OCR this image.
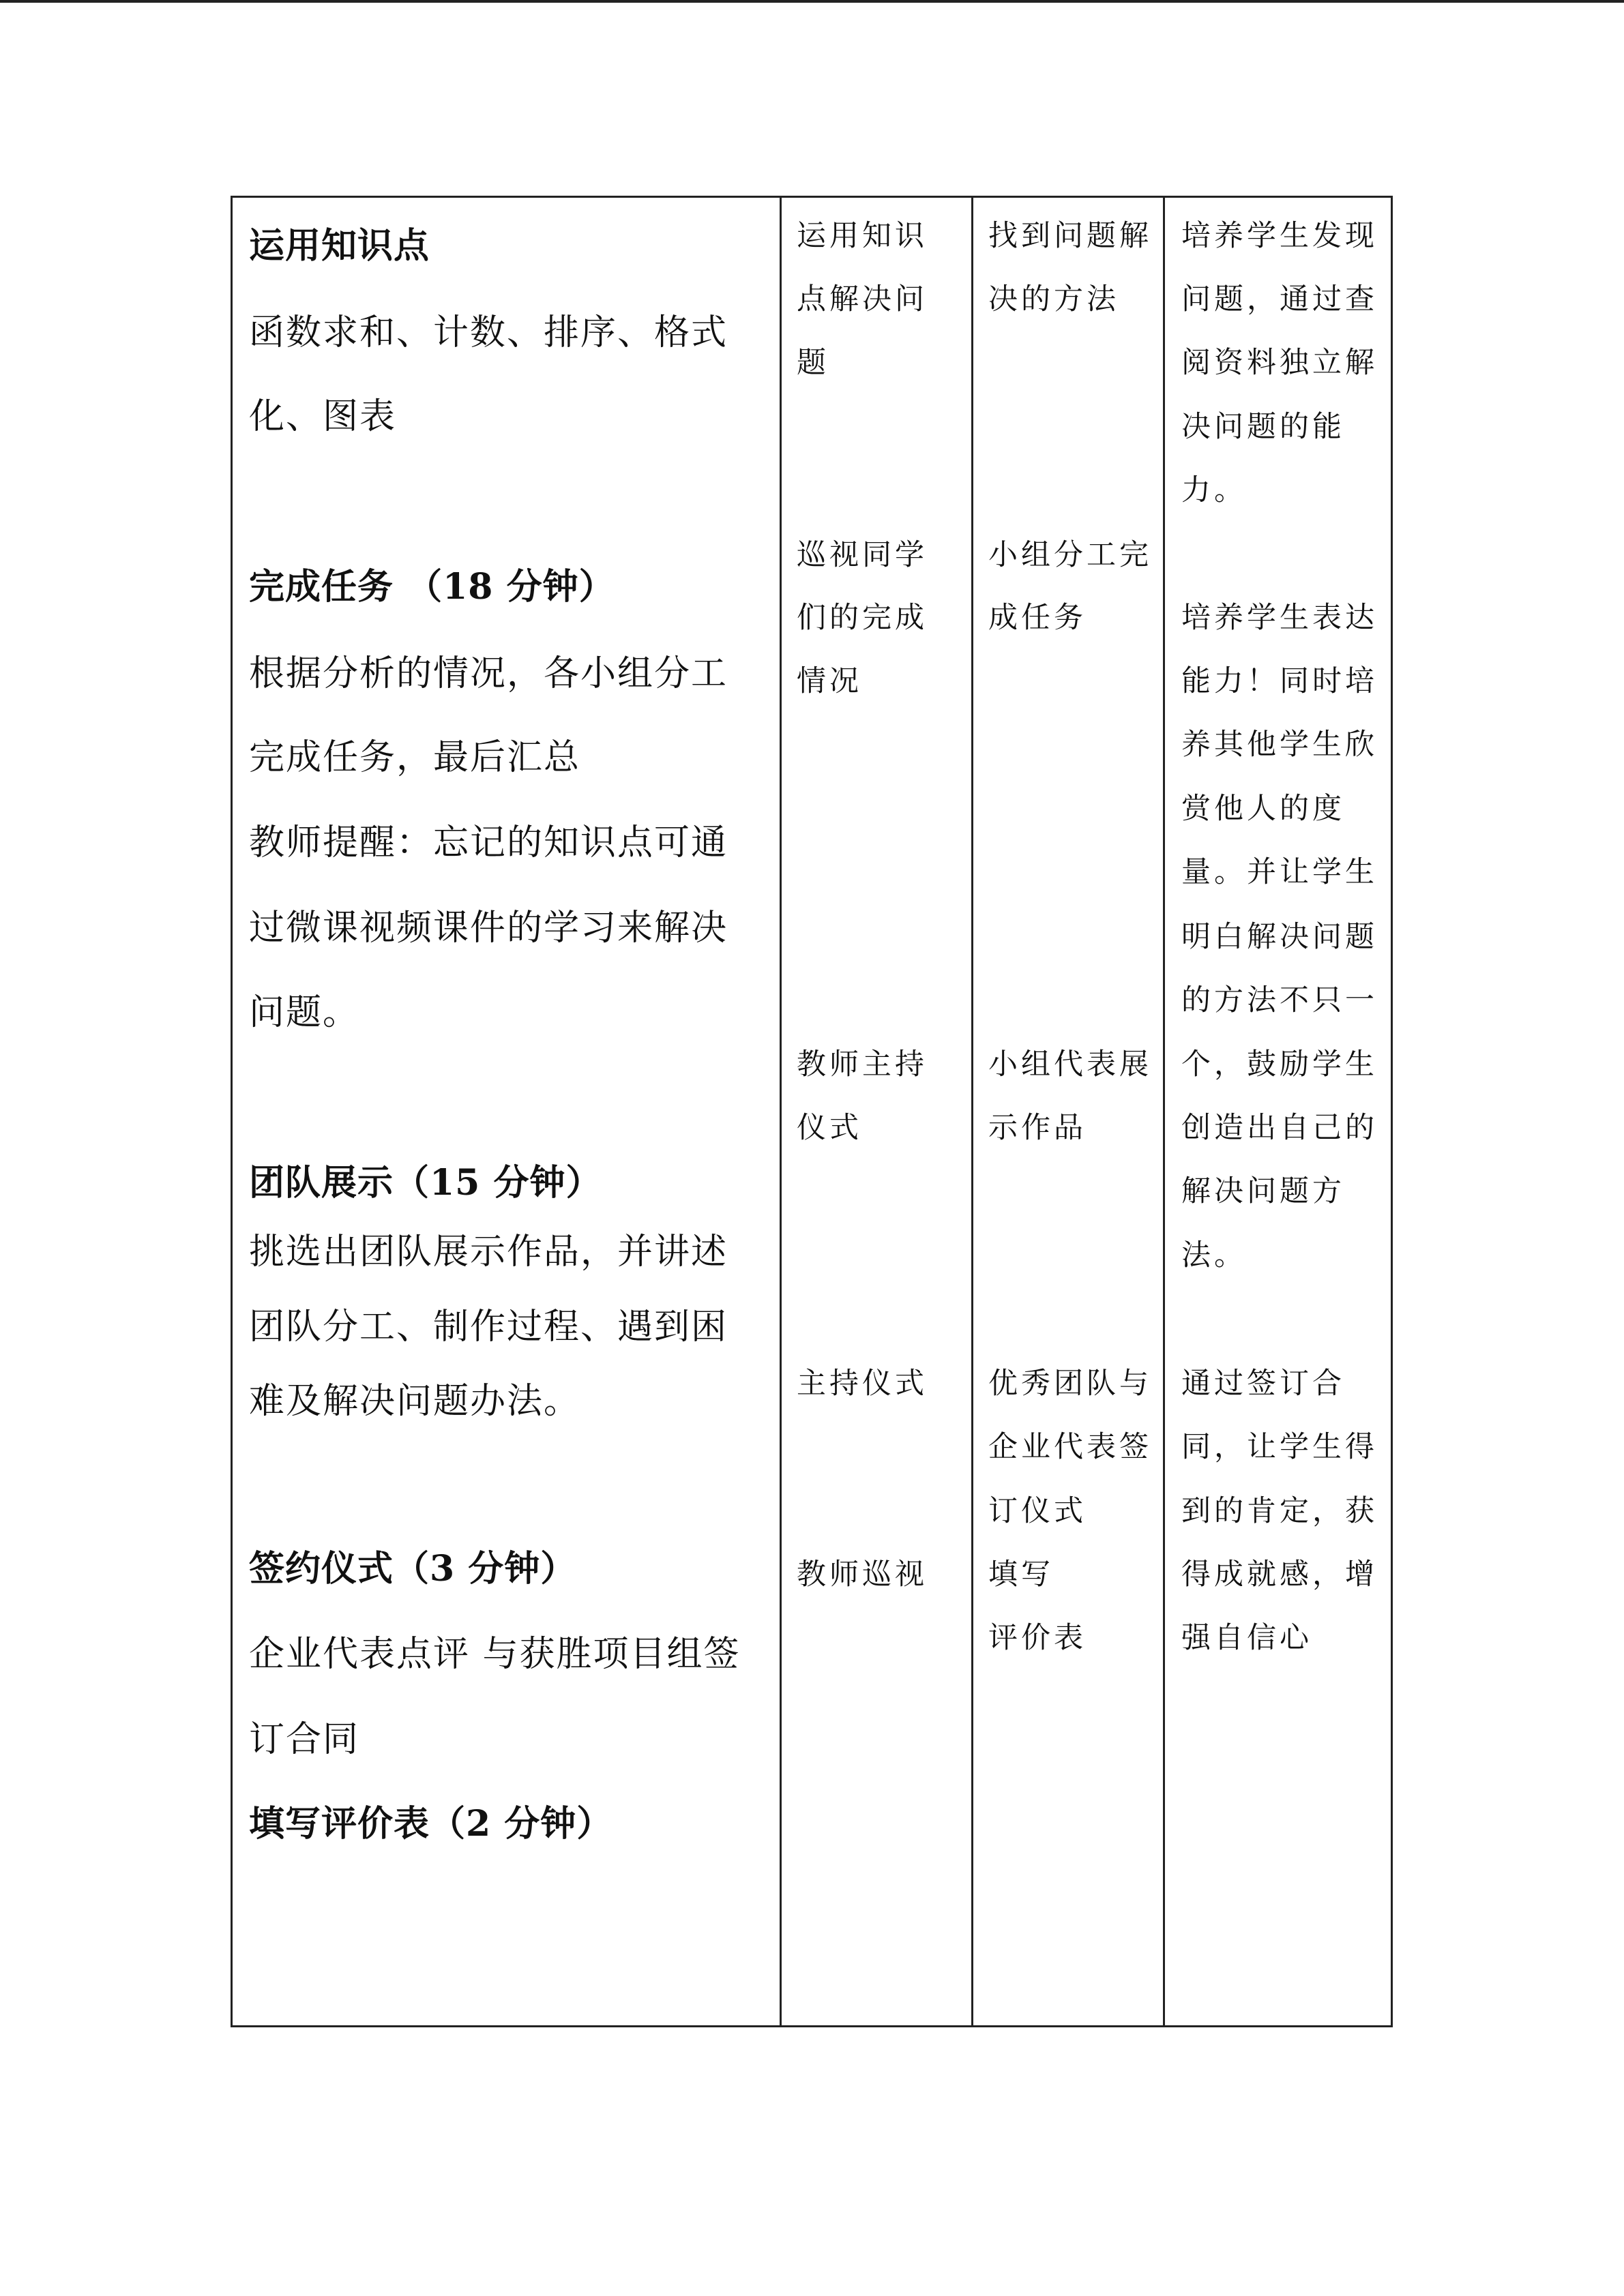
运用知识点

函数求和、计数、排序、格式

化、图表

完成任务 （18 分钟）

根据分析的情况，各小组分工

完成任务，最后汇总

教师提醒：忘记的知识点可通

过微课视频课件的学习来解决

问题。

团队展示（15 分钟）

挑选出团队展示作品，并讲述

团队分工、制作过程、遇到困

难及解决问题办法。

签约仪式（3 分钟）

企业代表点评 与获胜项目组签

订合同

填写评价表（2 分钟）

运用知识

点解决问

题

巡视同学

们的完成

情况

教师主持

仪式

主持仪式

教师巡视

找到问题解

决的方法

小组分工完

成任务

小组代表展

示作品

优秀团队与

企业代表签

订仪式

填写

评价表

培养学生发现

问题，通过查

阅资料独立解

决问题的能

力。

培养学生表达

能力！同时培

养其他学生欣

赏他人的度

量。并让学生

明白解决问题

的方法不只一

个，鼓励学生

创造出自己的

解决问题方

法。

通过签订合

同，让学生得

到的肯定，获

得成就感，增

强自信心
